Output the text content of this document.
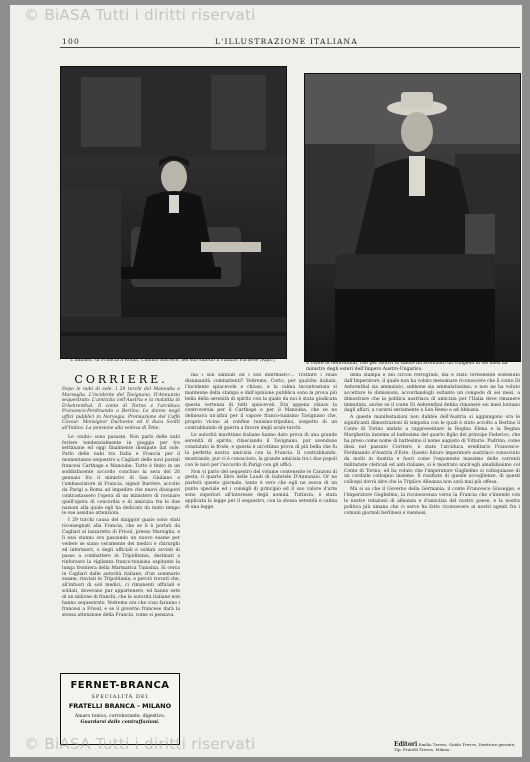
© BiASA Tutti i diritti riservati
100	L'ILLUSTRAZIONE ITALIANA
L'ambasc. di Francia a Roma, Camillo Barrère, nel suo salotto a Palazzo Farnese (Ripr.).
Il conte di Aehrenthal, che per motivi di salute ha attenuato un congedo di sei mesi da ministro degli esteri dell'Impero Austro-Ungarico.
CORRIERE.

Dopo le nubi di sole. I 29 turchi del Manouba e Marseglia. L'incidente del Tavignano. D'Annunzio sequestrato. L'amicizia coll'Austria e la malattia di D'Aehrenthal. Il conte di Torino e l'arciduca Francesco-Ferdinando a Berlino. Le donne negli uffici pubblici in Norvegia. Premiazione del Caffè Cavour. Monsignor Duchesne ed il duca Scotti all'Indice. La pensione alla vedova di Tebe.

Le «nubi» sono passate. Non parlo delle nubi foriere tendenzialmente in pioggia per tre settimane ed oggi finalmente dissipate dal sole. Parlo delle nubi tra Italia e Francia per il momentaneo sequestro a Cagliari delle navi postali francesi Carthage e Manouba. Tutto è finito in un soddisfacente accordo concluso la sera del 26 gennaio fra il ministro di San Giuliano e l'ambasciatore di Francia, signor Barrère, accolto da Parigi a Roma ad impedire che nuovi dissapori contrastassero l'opera di un ministero di rovinare quell'opera di concordia e di amicizia fra le due nazioni alla quale egli ha dedicato da tanto tempo le sue assidue attenzioni.

I 29 turchi causa del maggior guaio sono stati riconsegnati alla Francia, che se li è portati da Cagliari al lazzaretto di Frioul, presso Marsiglia, e lì essi stanno ora passando un nuovo esame per vedere se siano veramente dei medici e chirurghi ed infermieri, o degli ufficiali e soldati avviati di passo a combattere in Tripolitania, destinati a rinforzare la vigilanza franco-tunisina ospitante la lunga frontiera della Marmarica Tunisina. Si cerca in Cagliari dalle autorità italiane, d'un sommario esame, rinviati in Tripolitania, e perciò trovati che, all'infuori di soli medici, ci rimanenti ufficiali e soldati, dovevano pur appartenere, ed hanno sete di un milione di franchi, che le autorità italiane non hanno sequestrato. Vedremo ora che cosa faranno i francesi a Frioul, e se il governo francese darà la stessa attenzione della Francia, come si pensava.

ma i soli sanitari ed i soli infermieri?... Trattare i reale disumanità combattenti? Vedremo. Certo, per qualche italiani, l'incidente spiacevole e chiuso, e la calma incontrastata si mantenne della stampa e dall'opinione pubblica sono la prova più bella della serenità di spirito con la quale da noi è stata giudicata questa vertenza di tutti spiacevoli. Era appena chiuso la controversia per il Carthage e per il Manouba, che se ne delineava un'altra per il vapore franco-tunisino Tavignano che, proprio vicino al confine tunisino-tripolino, sospetto di un contrabbando di guerra a favore degli arabi-turchi.

Le autorità marittime italiane hanno dato prova di una grande serenità di spirito, rilasciando il Tavignano, pur avendone constatato la frode, e questa è un'ottima prova di più bella che fu la perfetta nostra amicizia con la Francia. Il contrabbando, mostrando, pur ci è conosciuto, la grande amicizia tra i due popoli con le navi per l'accordo di Parigi con gli uffici.

Non vi parlo del sequestro del volume contenente le Canzoni di gesta, il quarto libro delle Laudi di Gabriele D'Annunzio. Or ne parlerà questo giornale, tanto è vero che egli ne aveva di un punto speciale ed i consigli di principio ed il suo valore d'arte sono superiori all'interesse degli uomini. Tuttavia, è stata applicata la legge per il sequestro, con la stessa serenità e calma di una legge.

della stampa e dei circoli retrogradi, ma è stato fortemente sostenuto dall'Imperatore, il quale non ha voluto menomare riconoscere che il conte Di Aehrenthal sia ammalato, sebbene sia ammalatissimo, e non ne ha voluto accettare le dimissioni, accordandogli soltanto un congedo di sei mesi, a dimostrare che la politica austriaca di amicizia per l'Italia deve rimanere immutata, anche se il conte Di Aehrenthal debba rimanere sei mesi lontano dagli affari, a curarsi seriamente a San Remo e ad Abbazia.

A queste manifestazioni non dubbie dell'Austria si aggiungono ora le significanti dimostrazioni di simpatia con le quali è stato accolto a Berlino il Conte di Torino andato a rappresentare la Regina Elena e la Regina Margherita insieme al battesimo del quarto figlio del principe Federico, che ha preso come nome di battesimo il nome augusto di Vittorio. Padrino, come dissi nel passato Corriere, è stato l'arciduca ereditario Francesco-Ferdinando d'Austria d'Este. Questo futuro imperatore austriaco conosciuto da molti in Austria e fuori come l'esponente massimo delle correnti militariste clericali ed anti-italiane, si è mostrato anch'egli amabilissimo col Conte di Torino, ed ha voluto che l'imperatore Guglielmo si colloquiasse di un cordiale colloquio insieme. Il risultato di queste accoglienze, di questi colloqui dovrà dire che la Triplice Alleanza non sarà mai più offesa.

Ma si sa che il Governo della Germania, il conte Francesco Giuseppe, e l'imperatore Guglielmo, la riconoscenza verso la Francia che s'intende con le nostre relazioni di alleanza e d'amicizia del nostro paese, e la nostra politica più umana che ci serve ha fatto riconoscere ai nostri agenti fra i comuni giornali berlinesi e viennesi.

FERNET-BRANCA
SPECIALITÀ DEI
FRATELLI BRANCA - MILANO
Amaro tonico, corroborante, digestivo.
Guardarsi dalle contraffazioni.
Editori Emilio Treves, Guido Treves, Direttore gerente; Tip. Fratelli Treves, Milano.
© BiASA Tutti i diritti riservati
